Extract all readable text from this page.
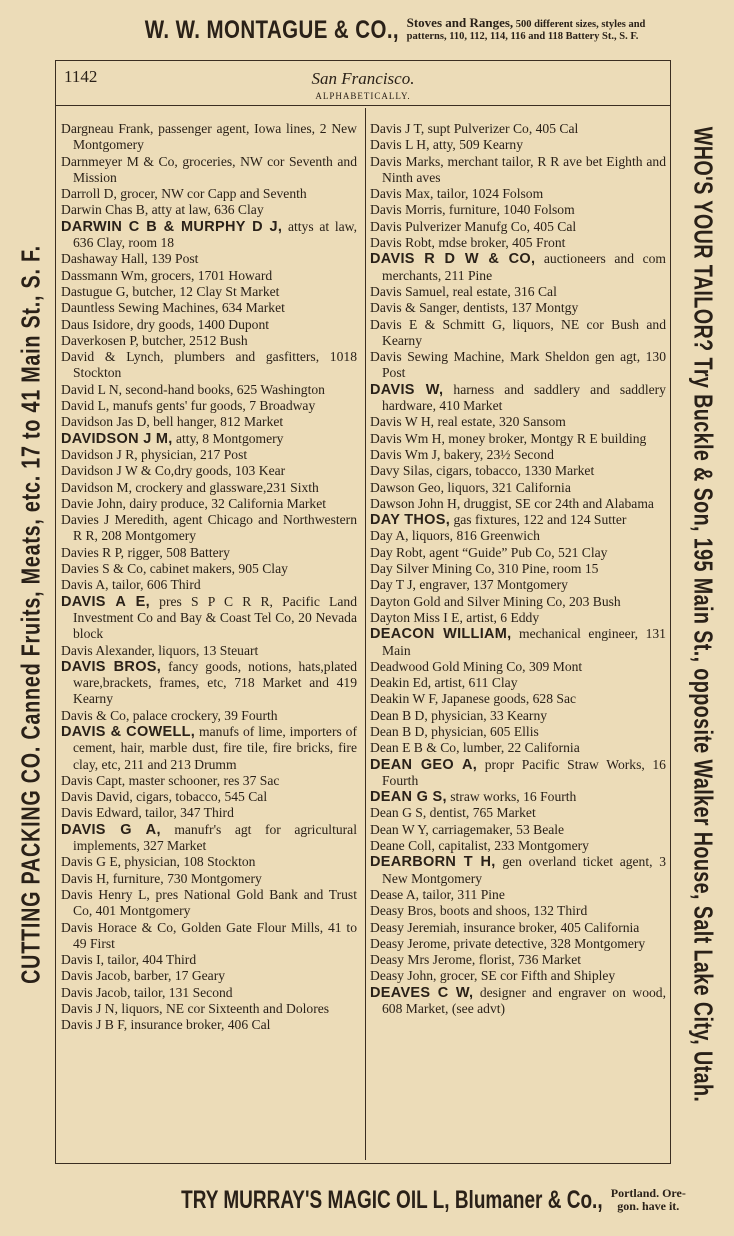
W. W. MONTAGUE & CO., Stoves and Ranges, 500 different sizes, styles and
patterns, 110, 112, 114, 116 and 118 Battery St., S. F.
CUTTING PACKING CO. Canned Fruits, Meats, etc. 17 to 41 Main St., S. F.	WHO'S YOUR TAILOR? Try Buckle & Son, 195 Main St., opposite Walker House, Salt Lake City, Utah.
1142	San Francisco.
ALPHABETICALLY.
Dargneau Frank, passenger agent, Iowa lines, 2 New Montgomery
Darnmeyer M & Co, groceries, NW cor Seventh and Mission
Darroll D, grocer, NW cor Capp and Seventh
Darwin Chas B, atty at law, 636 Clay
DARWIN C B & MURPHY D J, attys at law, 636 Clay, room 18
Dashaway Hall, 139 Post
Dassmann Wm, grocers, 1701 Howard
Dastugue G, butcher, 12 Clay St Market
Dauntless Sewing Machines, 634 Market
Daus Isidore, dry goods, 1400 Dupont
Daverkosen P, butcher, 2512 Bush
David & Lynch, plumbers and gasfitters, 1018 Stockton
David L N, second-hand books, 625 Washington
David L, manufs gents' fur goods, 7 Broadway
Davidson Jas D, bell hanger, 812 Market
DAVIDSON J M, atty, 8 Montgomery
Davidson J R, physician, 217 Post
Davidson J W & Co,dry goods, 103 Kear
Davidson M, crockery and glassware,231 Sixth
Davie John, dairy produce, 32 California Market
Davies J Meredith, agent Chicago and Northwestern R R, 208 Montgomery
Davies R P, rigger, 508 Battery
Davies S & Co, cabinet makers, 905 Clay
Davis A, tailor, 606 Third
DAVIS A E, pres S P C R R, Pacific Land Investment Co and Bay & Coast Tel Co, 20 Nevada block
Davis Alexander, liquors, 13 Steuart
DAVIS BROS, fancy goods, notions, hats,plated ware,brackets, frames, etc, 718 Market and 419 Kearny
Davis & Co, palace crockery, 39 Fourth
DAVIS & COWELL, manufs of lime, importers of cement, hair, marble dust, fire tile, fire bricks, fire clay, etc, 211 and 213 Drumm
Davis Capt, master schooner, res 37 Sac
Davis David, cigars, tobacco, 545 Cal
Davis Edward, tailor, 347 Third
DAVIS G A, manufr's agt for agricultural implements, 327 Market
Davis G E, physician, 108 Stockton
Davis H, furniture, 730 Montgomery
Davis Henry L, pres National Gold Bank and Trust Co, 401 Montgomery
Davis Horace & Co, Golden Gate Flour Mills, 41 to 49 First
Davis I, tailor, 404 Third
Davis Jacob, barber, 17 Geary
Davis Jacob, tailor, 131 Second
Davis J N, liquors, NE cor Sixteenth and Dolores
Davis J B F, insurance broker, 406 Cal
Davis J T, supt Pulverizer Co, 405 Cal
Davis L H, atty, 509 Kearny
Davis Marks, merchant tailor, R R ave bet Eighth and Ninth aves
Davis Max, tailor, 1024 Folsom
Davis Morris, furniture, 1040 Folsom
Davis Pulverizer Manufg Co, 405 Cal
Davis Robt, mdse broker, 405 Front
DAVIS R D W & CO, auctioneers and com merchants, 211 Pine
Davis Samuel, real estate, 316 Cal
Davis & Sanger, dentists, 137 Montgy
Davis E & Schmitt G, liquors, NE cor Bush and Kearny
Davis Sewing Machine, Mark Sheldon gen agt, 130 Post
DAVIS W, harness and saddlery and saddlery hardware, 410 Market
Davis W H, real estate, 320 Sansom
Davis Wm H, money broker, Montgy R E building
Davis Wm J, bakery, 23½ Second
Davy Silas, cigars, tobacco, 1330 Market
Dawson Geo, liquors, 321 California
Dawson John H, druggist, SE cor 24th and Alabama
DAY THOS, gas fixtures, 122 and 124 Sutter
Day A, liquors, 816 Greenwich
Day Robt, agent “Guide” Pub Co, 521 Clay
Day Silver Mining Co, 310 Pine, room 15
Day T J, engraver, 137 Montgomery
Dayton Gold and Silver Mining Co, 203 Bush
Dayton Miss I E, artist, 6 Eddy
DEACON WILLIAM, mechanical engineer, 131 Main
Deadwood Gold Mining Co, 309 Mont
Deakin Ed, artist, 611 Clay
Deakin W F, Japanese goods, 628 Sac
Dean B D, physician, 33 Kearny
Dean B D, physician, 605 Ellis
Dean E B & Co, lumber, 22 California
DEAN GEO A, propr Pacific Straw Works, 16 Fourth
DEAN G S, straw works, 16 Fourth
Dean G S, dentist, 765 Market
Dean W Y, carriagemaker, 53 Beale
Deane Coll, capitalist, 233 Montgomery
DEARBORN T H, gen overland ticket agent, 3 New Montgomery
Dease A, tailor, 311 Pine
Deasy Bros, boots and shoos, 132 Third
Deasy Jeremiah, insurance broker, 405 California
Deasy Jerome, private detective, 328 Montgomery
Deasy Mrs Jerome, florist, 736 Market
Deasy John, grocer, SE cor Fifth and Shipley
DEAVES C W, designer and engraver on wood, 608 Market, (see advt)
TRY MURRAY'S MAGIC OIL L, Blumaner & Co., Portland. Ore-
gon. have it.
